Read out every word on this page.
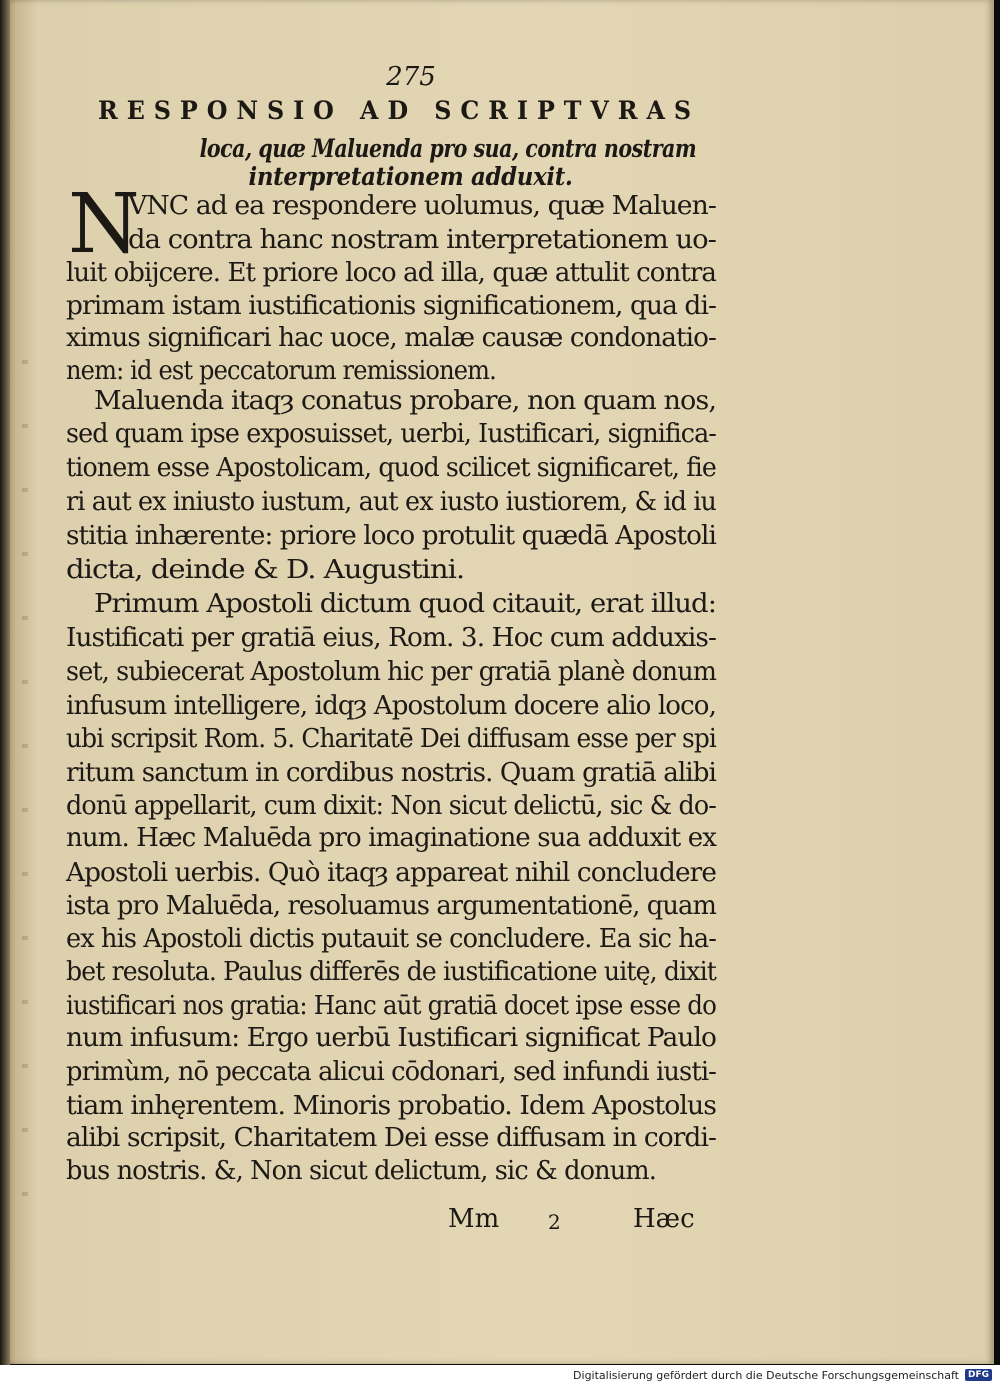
275
RESPONSIO AD SCRIPTVRAS
loca, quæ Maluenda pro sua, contra nostram
interpretationem adduxit.
N
VNC ad ea respondere uolumus, quæ Maluen-
da contra hanc nostram interpretationem uo-
luit obijcere. Et priore loco ad illa, quæ attulit contra
primam istam iustificationis significationem, qua di-
ximus significari hac uoce, malæ causæ condonatio-
nem: id est peccatorum remissionem.
Maluenda itaqȝ conatus probare, non quam nos,
sed quam ipse exposuisset, uerbi, Iustificari, significa-
tionem esse Apostolicam, quod scilicet significaret, fie
ri aut ex iniusto iustum, aut ex iusto iustiorem, & id iu
stitia inhærente: priore loco protulit quædā Apostoli
dicta, deinde & D. Augustini.
Primum Apostoli dictum quod citauit, erat illud:
Iustificati per gratiā eius, Rom. 3. Hoc cum adduxis-
set, subiecerat Apostolum hic per gratiā planè donum
infusum intelligere, idqȝ Apostolum docere alio loco,
ubi scripsit Rom. 5. Charitatē Dei diffusam esse per spi
ritum sanctum in cordibus nostris. Quam gratiā alibi
donū appellarit, cum dixit: Non sicut delictū, sic & do-
num. Hæc Maluēda pro imaginatione sua adduxit ex
Apostoli uerbis. Quò itaqȝ appareat nihil concludere
ista pro Maluēda, resoluamus argumentationē, quam
ex his Apostoli dictis putauit se concludere. Ea sic ha-
bet resoluta. Paulus differēs de iustificatione uitę, dixit
iustificari nos gratia: Hanc aūt gratiā docet ipse esse do
num infusum: Ergo uerbū Iustificari significat Paulo
primùm, nō peccata alicui cōdonari, sed infundi iusti-
tiam inhęrentem. Minoris probatio. Idem Apostolus
alibi scripsit, Charitatem Dei esse diffusam in cordi-
bus nostris. &, Non sicut delictum, sic & donum.
Mm 2	Hæc
Digitalisierung gefördert durch die Deutsche Forschungsgemeinschaft	DFG
